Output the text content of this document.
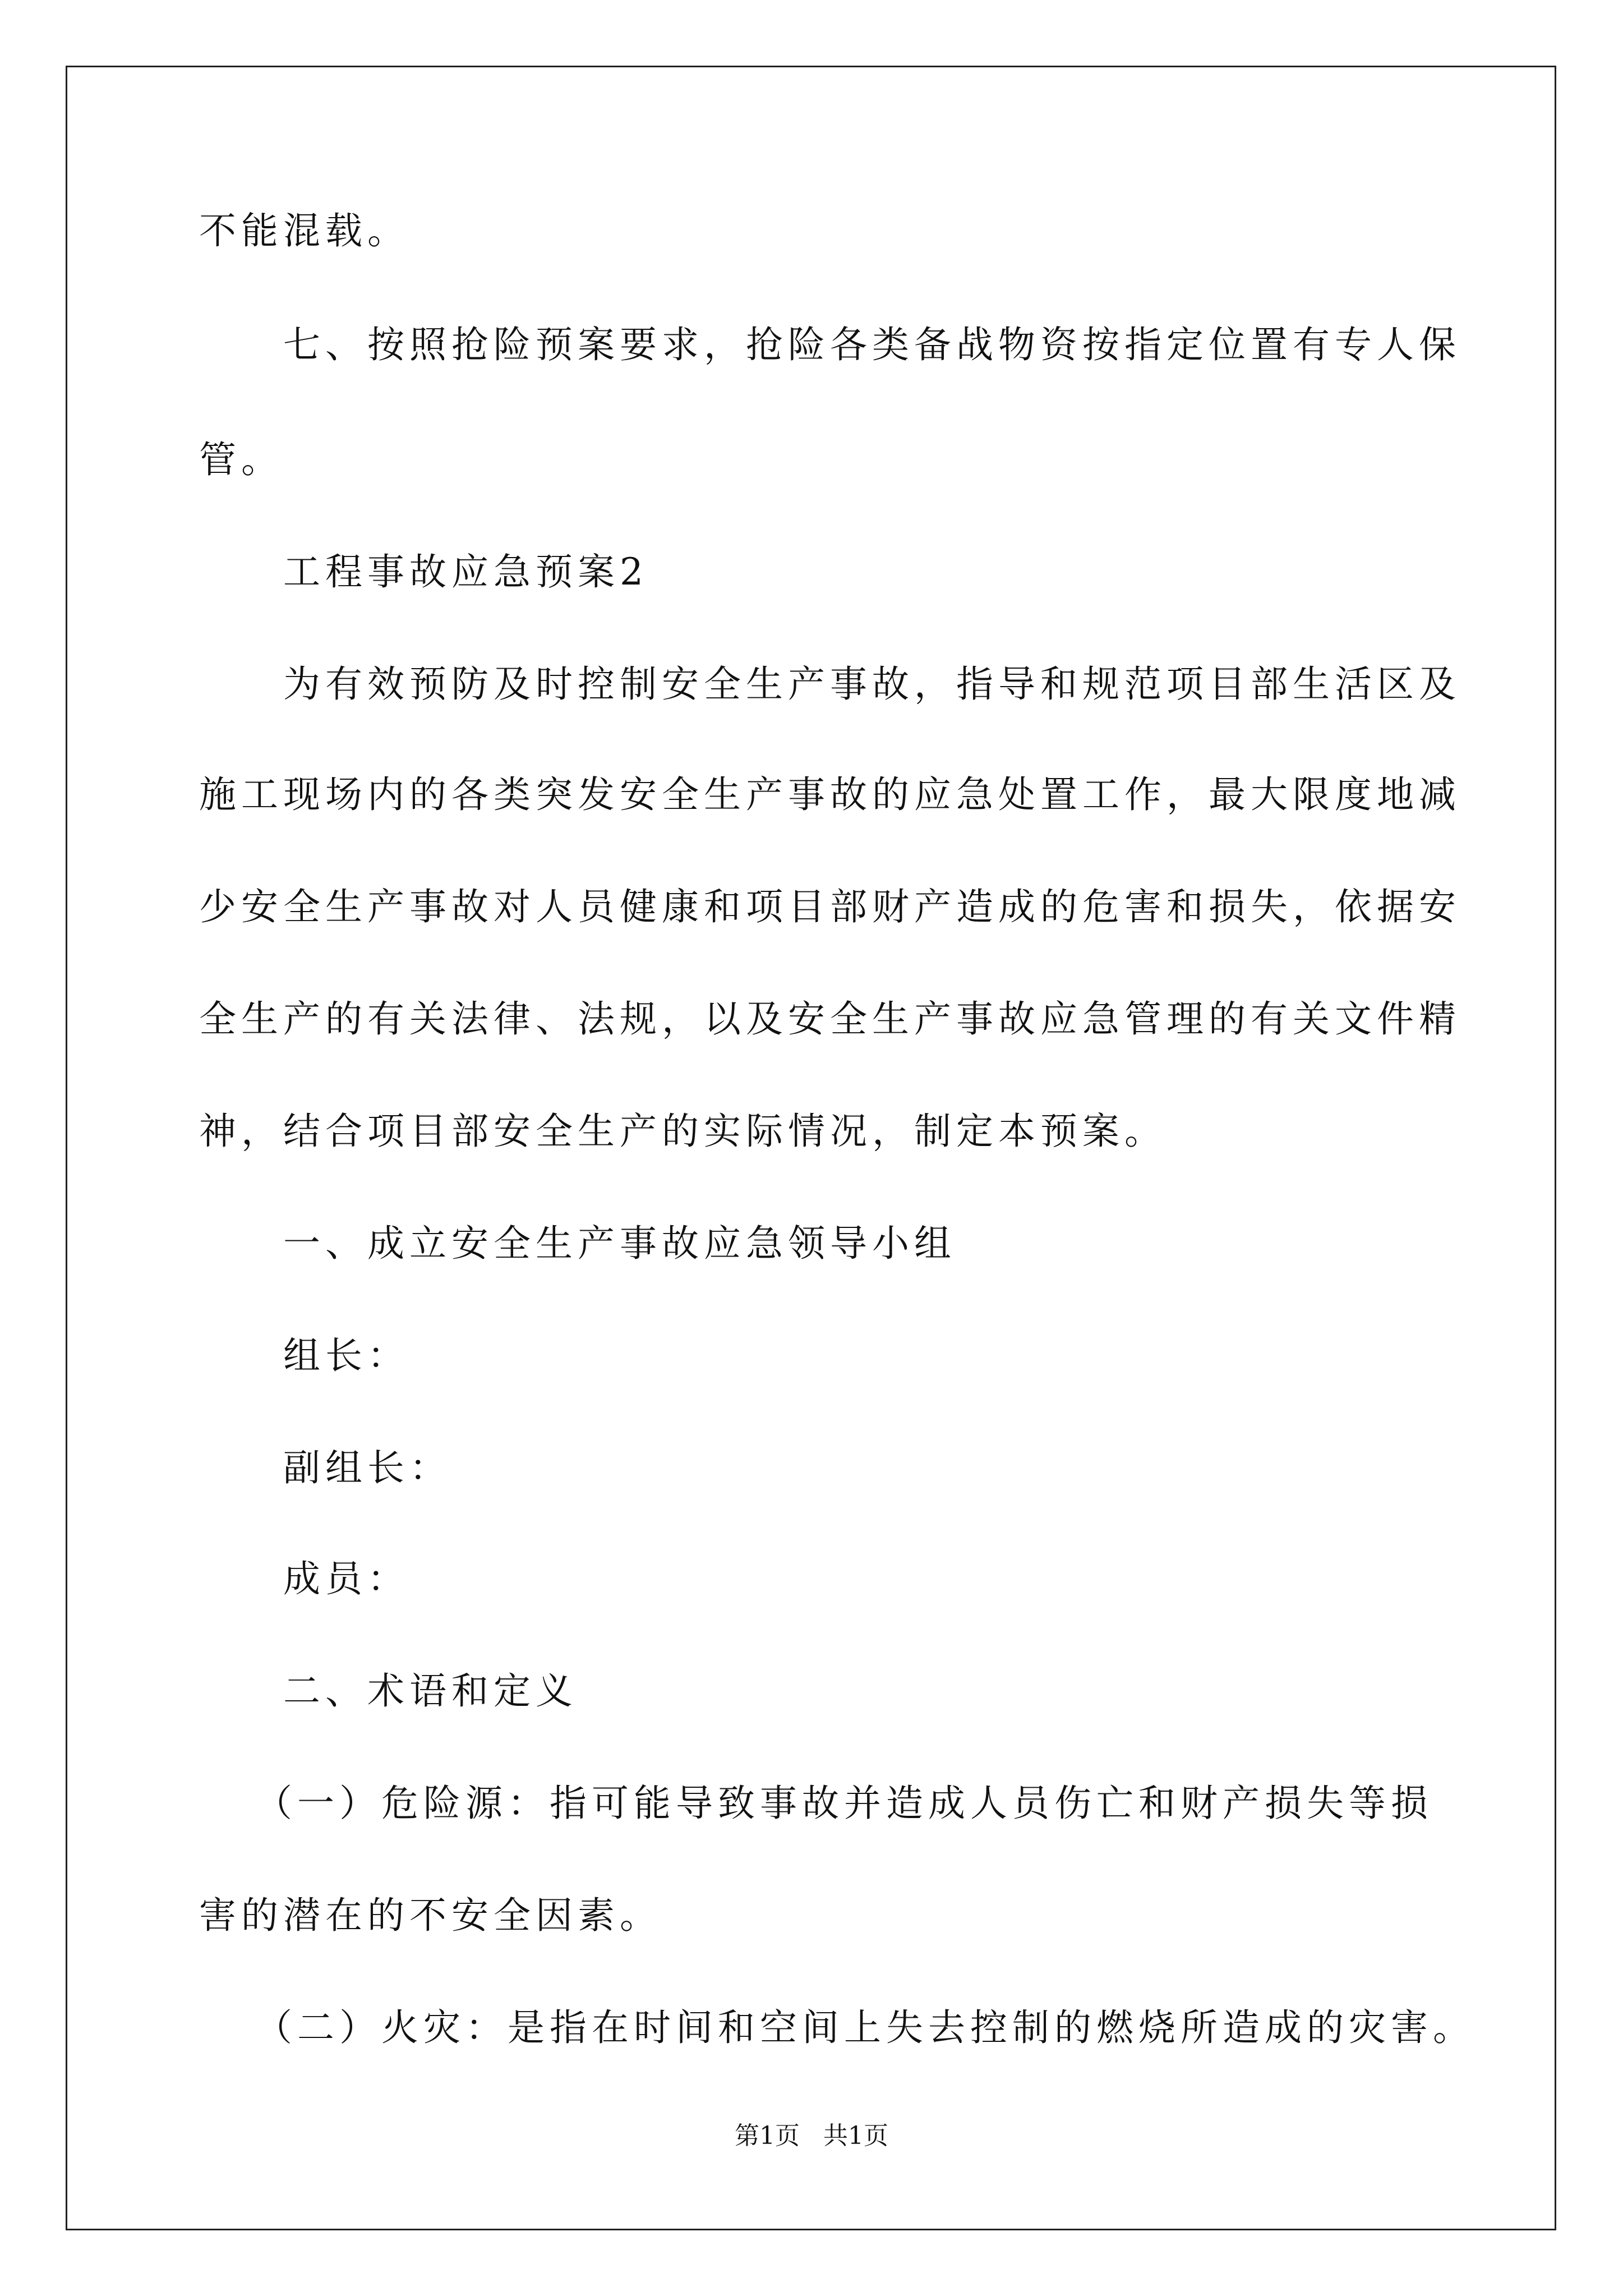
不能混载。
七、按照抢险预案要求，抢险各类备战物资按指定位置有专人保
管。
工程事故应急预案2
为有效预防及时控制安全生产事故，指导和规范项目部生活区及
施工现场内的各类突发安全生产事故的应急处置工作，最大限度地减
少安全生产事故对人员健康和项目部财产造成的危害和损失，依据安
全生产的有关法律、法规，以及安全生产事故应急管理的有关文件精
神，结合项目部安全生产的实际情况，制定本预案。
一、成立安全生产事故应急领导小组
组长：
副组长：
成员：
二、术语和定义
（一）危险源：指可能导致事故并造成人员伤亡和财产损失等损
害的潜在的不安全因素。
（二）火灾：是指在时间和空间上失去控制的燃烧所造成的灾害。
第1页   共1页
